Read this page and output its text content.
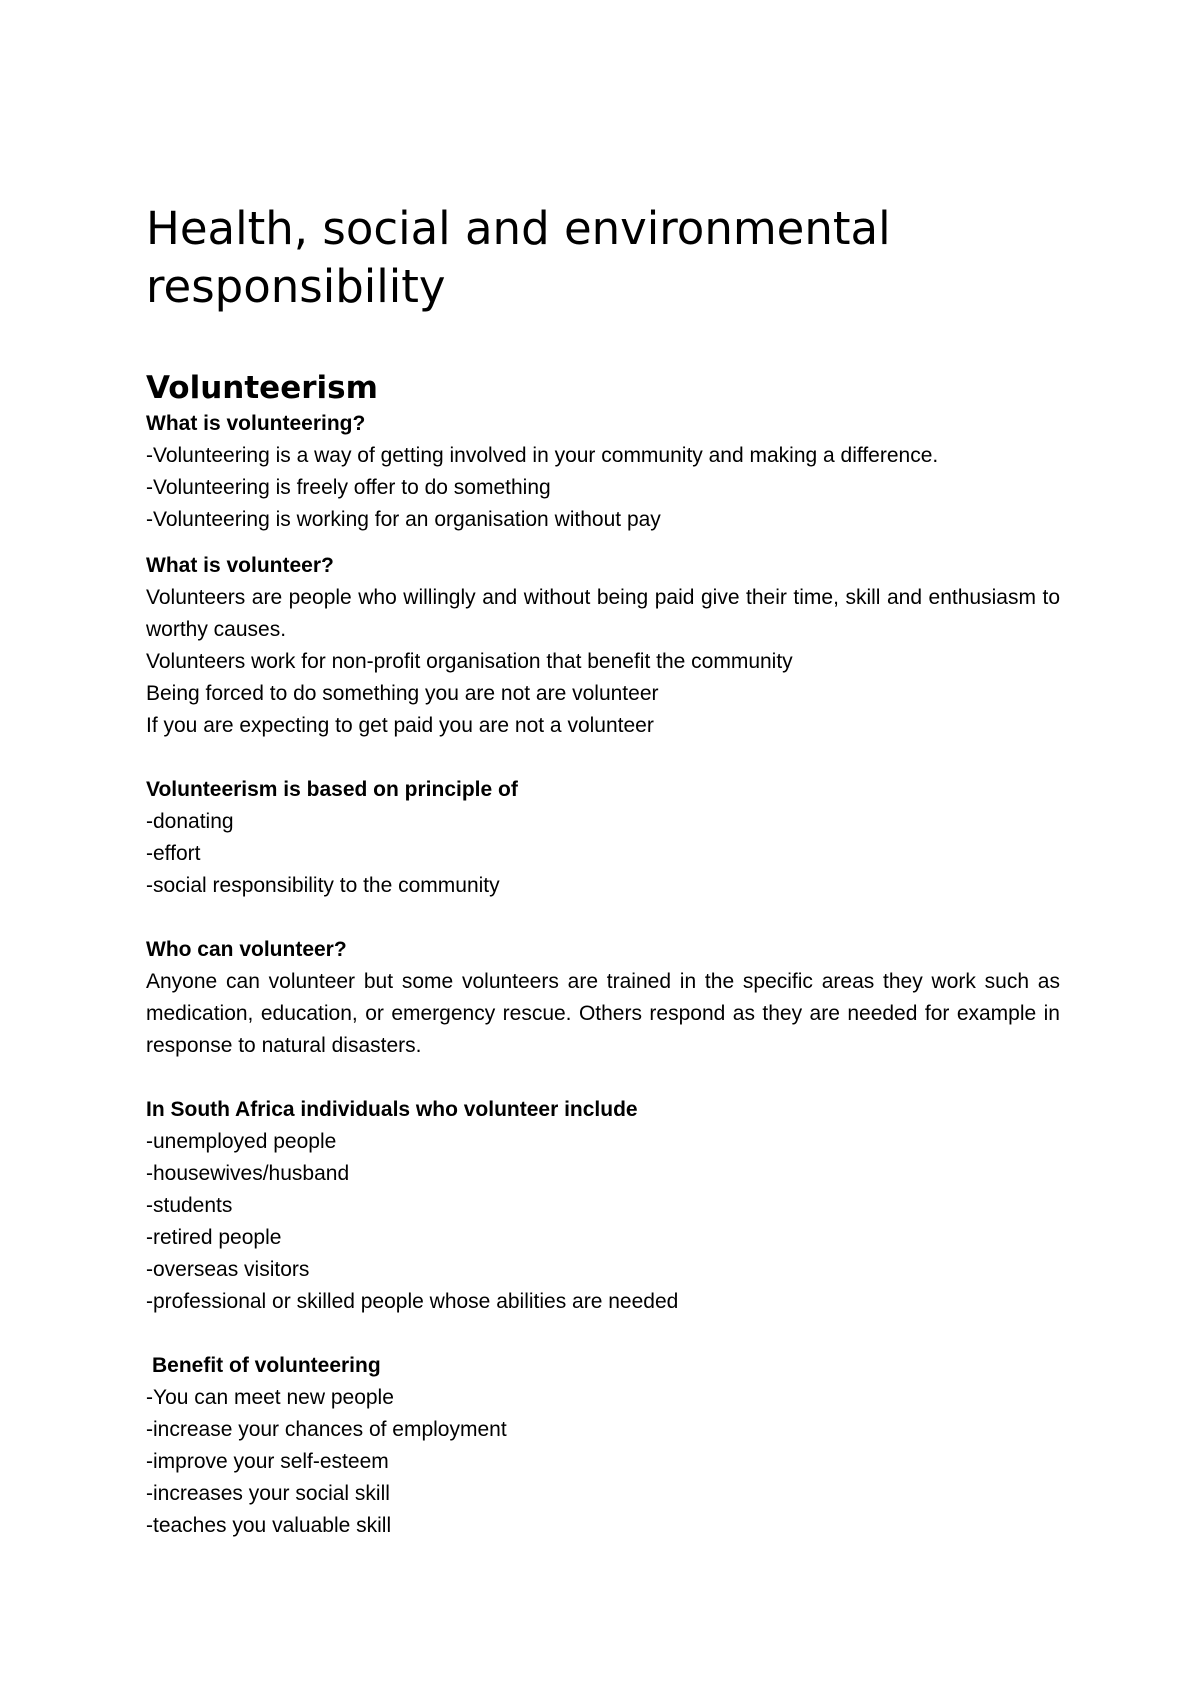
Health, social and environmental responsibility
Volunteerism
What is volunteering?
-Volunteering is a way of getting involved in your community and making a difference.
-Volunteering is freely offer to do something
-Volunteering is working for an organisation without pay
What is volunteer?
Volunteers are people who willingly and without being paid give their time, skill and enthusiasm to worthy causes.
Volunteers work for non-profit organisation that benefit the community
Being forced to do something you are not are volunteer
If you are expecting to get paid you are not a volunteer
Volunteerism is based on principle of
-donating
-effort
-social responsibility to the community
Who can volunteer?
Anyone can volunteer but some volunteers are trained in the specific areas they work such as medication, education, or emergency rescue. Others respond as they are needed for example in response to natural disasters.
In South Africa individuals who volunteer include
-unemployed people
-housewives/husband
-students
-retired people
-overseas visitors
-professional or skilled people whose abilities are needed
Benefit of volunteering
-You can meet new people
-increase your chances of employment
-improve your self-esteem
-increases your social skill
-teaches you valuable skill
